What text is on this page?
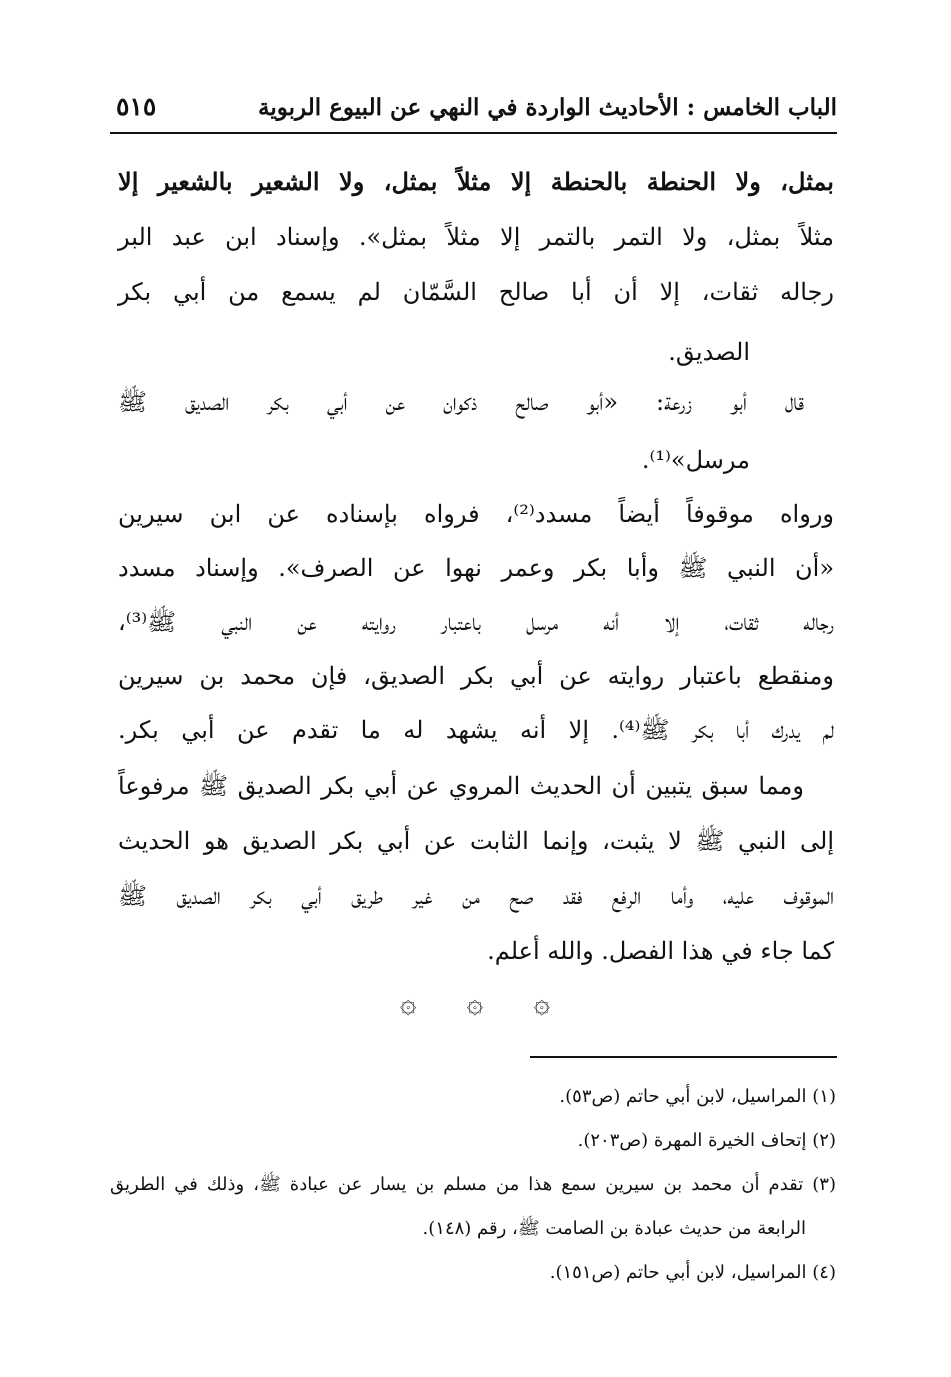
الباب الخامس : الأحاديث الواردة في النهي عن البيوع الربوية
٥١٥
بمثل، ولا الحنطة بالحنطة إلا مثلاً بمثل، ولا الشعير بالشعير إلا
مثلاً بمثل، ولا التمر بالتمر إلا مثلاً بمثل». وإسناد ابن عبد البر
رجاله ثقات، إلا أن أبا صالح السَّمّان لم يسمع من أبي بكر
الصديق.
قال أبو زرعة: «أبو صالح ذكوان عن أبي بكر الصديق ﷺ
مرسل»⁽¹⁾.
ورواه موقوفاً أيضاً مسدد⁽²⁾، فرواه بإسناده عن ابن سيرين
«أن النبي ﷺ وأبا بكر وعمر نهوا عن الصرف». وإسناد مسدد
رجاله ثقات، إلا أنه مرسل باعتبار روايته عن النبي ﷺ⁽³⁾،
ومنقطع باعتبار روايته عن أبي بكر الصديق، فإن محمد بن سيرين
لم يدرك أبا بكر ﷺ⁽⁴⁾. إلا أنه يشهد له ما تقدم عن أبي بكر.
ومما سبق يتبين أن الحديث المروي عن أبي بكر الصديق ﷺ مرفوعاً
إلى النبي ﷺ لا يثبت، وإنما الثابت عن أبي بكر الصديق هو الحديث
الموقوف عليه، وأما الرفع فقد صح من غير طريق أبي بكر الصديق ﷺ
كما جاء في هذا الفصل. والله أعلم.
۞ ۞ ۞
(١) المراسيل، لابن أبي حاتم (ص٥٣).
(٢) إتحاف الخيرة المهرة (ص٢٠٣).
(٣) تقدم أن محمد بن سيرين سمع هذا من مسلم بن يسار عن عبادة ﷺ، وذلك في الطريق
الرابعة من حديث عبادة بن الصامت ﷺ، رقم (١٤٨).
(٤) المراسيل، لابن أبي حاتم (ص١٥١).
